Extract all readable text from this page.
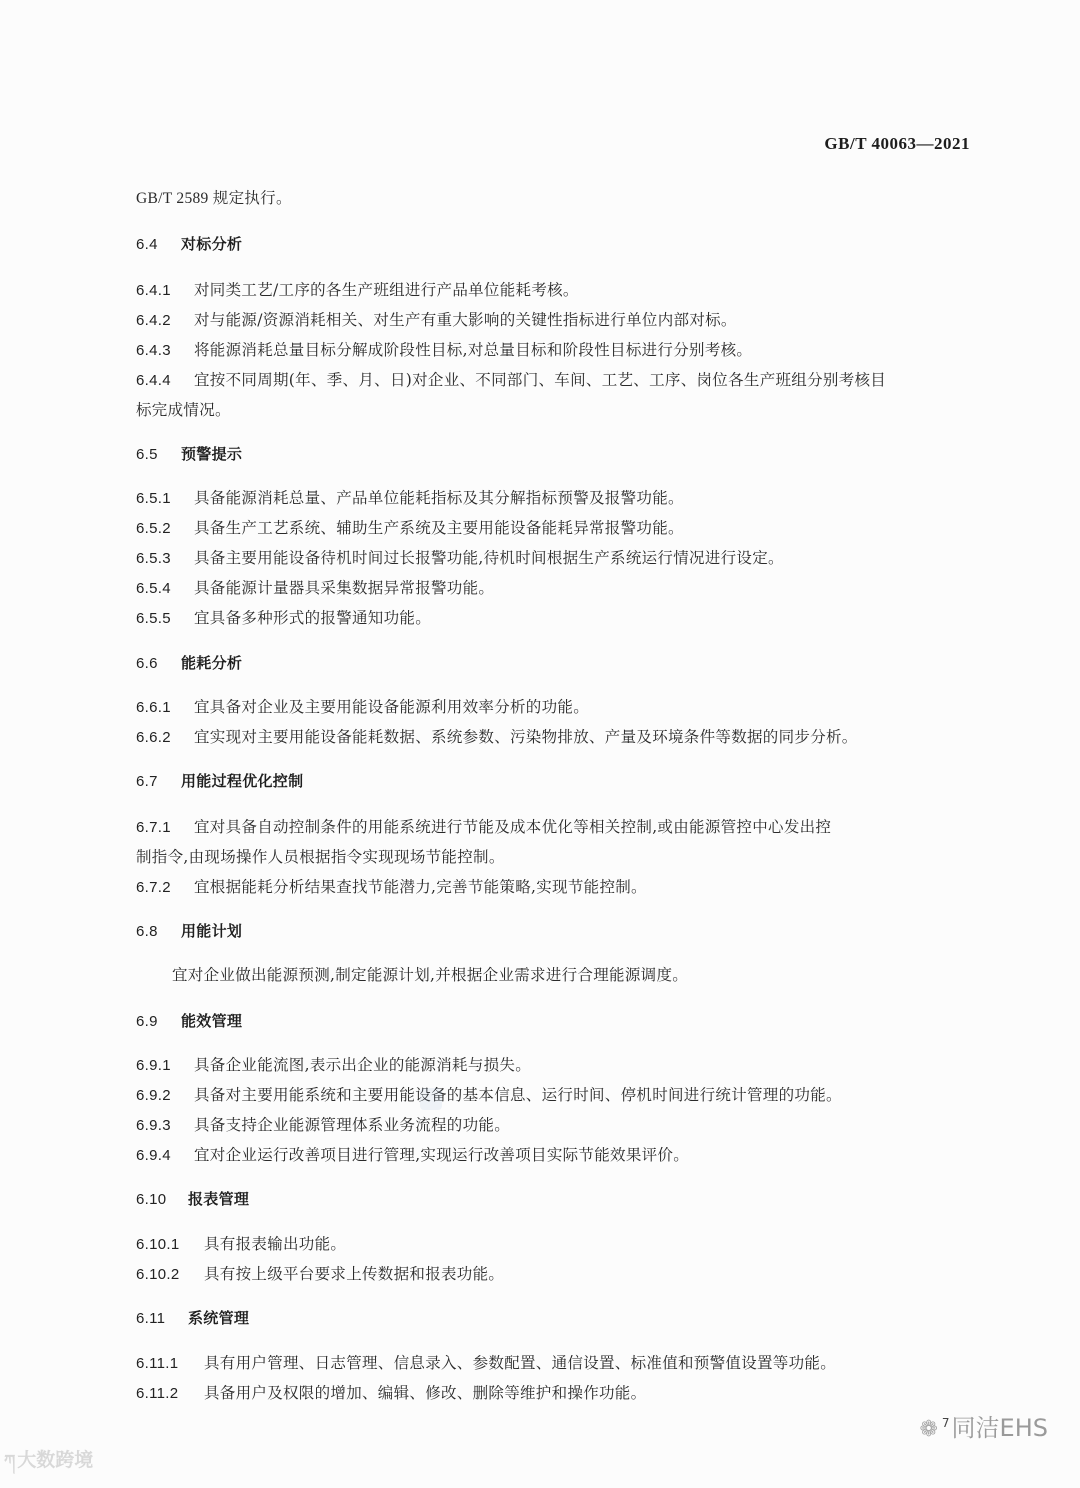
GB/T 40063—2021
GB/T 2589 规定执行。
6.4 对标分析
6.4.1 对同类工艺/工序的各生产班组进行产品单位能耗考核。
6.4.2 对与能源/资源消耗相关、对生产有重大影响的关键性指标进行单位内部对标。
6.4.3 将能源消耗总量目标分解成阶段性目标,对总量目标和阶段性目标进行分别考核。
6.4.4 宜按不同周期(年、季、月、日)对企业、不同部门、车间、工艺、工序、岗位各生产班组分别考核目
标完成情况。
6.5 预警提示
6.5.1 具备能源消耗总量、产品单位能耗指标及其分解指标预警及报警功能。
6.5.2 具备生产工艺系统、辅助生产系统及主要用能设备能耗异常报警功能。
6.5.3 具备主要用能设备待机时间过长报警功能,待机时间根据生产系统运行情况进行设定。
6.5.4 具备能源计量器具采集数据异常报警功能。
6.5.5 宜具备多种形式的报警通知功能。
6.6 能耗分析
6.6.1 宜具备对企业及主要用能设备能源利用效率分析的功能。
6.6.2 宜实现对主要用能设备能耗数据、系统参数、污染物排放、产量及环境条件等数据的同步分析。
6.7 用能过程优化控制
6.7.1 宜对具备自动控制条件的用能系统进行节能及成本优化等相关控制,或由能源管控中心发出控
制指令,由现场操作人员根据指令实现现场节能控制。
6.7.2 宜根据能耗分析结果查找节能潜力,完善节能策略,实现节能控制。
6.8 用能计划
宜对企业做出能源预测,制定能源计划,并根据企业需求进行合理能源调度。
6.9 能效管理
6.9.1 具备企业能流图,表示出企业的能源消耗与损失。
6.9.2 具备对主要用能系统和主要用能设备的基本信息、运行时间、停机时间进行统计管理的功能。
6.9.3 具备支持企业能源管理体系业务流程的功能。
6.9.4 宜对企业运行改善项目进行管理,实现运行改善项目实际节能效果评价。
6.10 报表管理
6.10.1 具有报表输出功能。
6.10.2 具有按上级平台要求上传数据和报表功能。
6.11 系统管理
6.11.1 具有用户管理、日志管理、信息录入、参数配置、通信设置、标准值和预警值设置等功能。
6.11.2 具备用户及权限的增加、编辑、修改、删除等维护和操作功能。
ཀ 大数跨境
❁ $^7$同洁EHS
